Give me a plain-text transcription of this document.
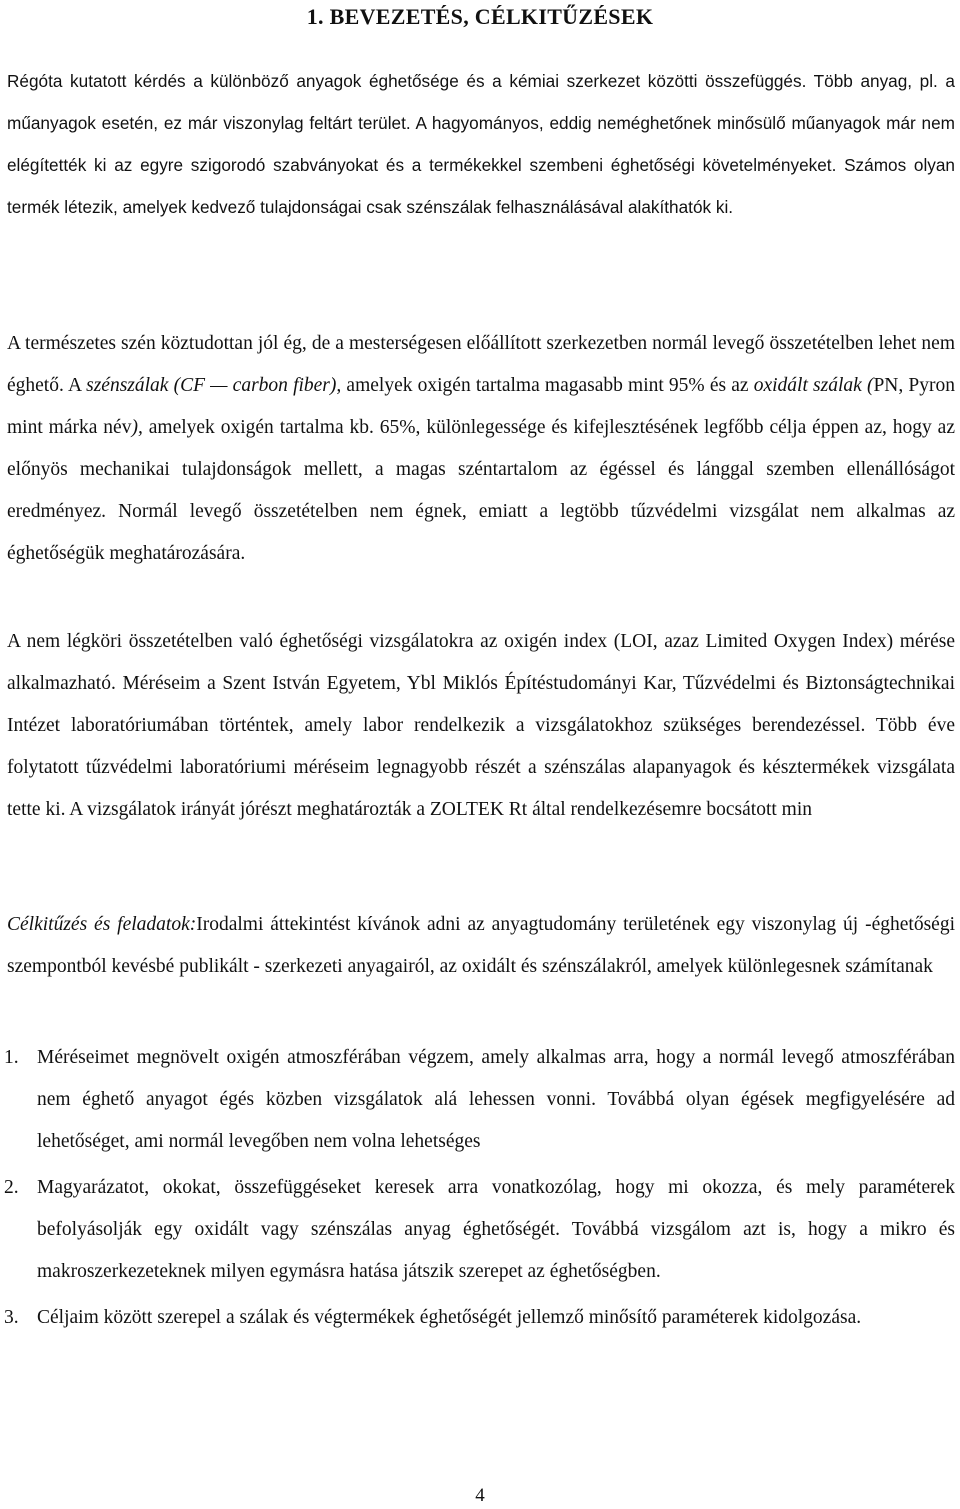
1. BEVEZETÉS, CÉLKITŰZÉSEK

Régóta kutatott kérdés a különböző anyagok éghetősége és a kémiai szerkezet közötti összefüggés. Több anyag, pl. a műanyagok esetén, ez már viszonylag feltárt terület. A hagyományos, eddig neméghetőnek minősülő műanyagok már nem elégítették ki az egyre szigorodó szabványokat és a termékekkel szembeni éghetőségi követelményeket. Számos olyan termék létezik, amelyek kedvező tulajdonságai csak szénszálak felhasználásával alakíthatók ki.

A természetes szén köztudottan jól ég, de a mesterségesen előállított szerkezetben normál levegő összetételben lehet nem éghető. A szénszálak (CF — carbon fiber), amelyek oxigén tartalma magasabb mint 95% és az oxidált szálak (PN, Pyron mint márka név), amelyek oxigén tartalma kb. 65%, különlegessége és kifejlesztésének legfőbb célja éppen az, hogy az előnyös mechanikai tulajdonságok mellett, a magas széntartalom az égéssel és lánggal szemben ellenállóságot eredményez. Normál levegő összetételben nem égnek, emiatt a legtöbb tűzvédelmi vizsgálat nem alkalmas az éghetőségük meghatározására.

A nem légköri összetételben való éghetőségi vizsgálatokra az oxigén index (LOI, azaz Limited Oxygen Index) mérése alkalmazható. Méréseim a Szent István Egyetem, Ybl Miklós Építéstudományi Kar, Tűzvédelmi és Biztonságtechnikai Intézet laboratóriumában történtek, amely labor rendelkezik a vizsgálatokhoz szükséges berendezéssel. Több éve folytatott tűzvédelmi laboratóriumi méréseim legnagyobb részét a szénszálas alapanyagok és késztermékek vizsgálata tette ki. A vizsgálatok irányát jórészt meghatározták a ZOLTEK Rt által rendelkezésemre bocsátott min

Célkitűzés és feladatok:Irodalmi áttekintést kívánok adni az anyagtudomány területének egy viszonylag új -éghetőségi szempontból kevésbé publikált - szerkezeti anyagairól, az oxidált és szénszálakról, amelyek különlegesnek számítanak

1. Méréseimet megnövelt oxigén atmoszférában végzem, amely alkalmas arra, hogy a normál levegő atmoszférában nem éghető anyagot égés közben vizsgálatok alá lehessen vonni. Továbbá olyan égések megfigyelésére ad lehetőséget, ami normál levegőben nem volna lehetséges
2. Magyarázatot, okokat, összefüggéseket keresek arra vonatkozólag, hogy mi okozza, és mely paraméterek befolyásolják egy oxidált vagy szénszálas anyag éghetőségét. Továbbá vizsgálom azt is, hogy a mikro és makroszerkezeteknek milyen egymásra hatása játszik szerepet az éghetőségben.
3. Céljaim között szerepel a szálak és végtermékek éghetőségét jellemző minősítő paraméterek kidolgozása.
4
